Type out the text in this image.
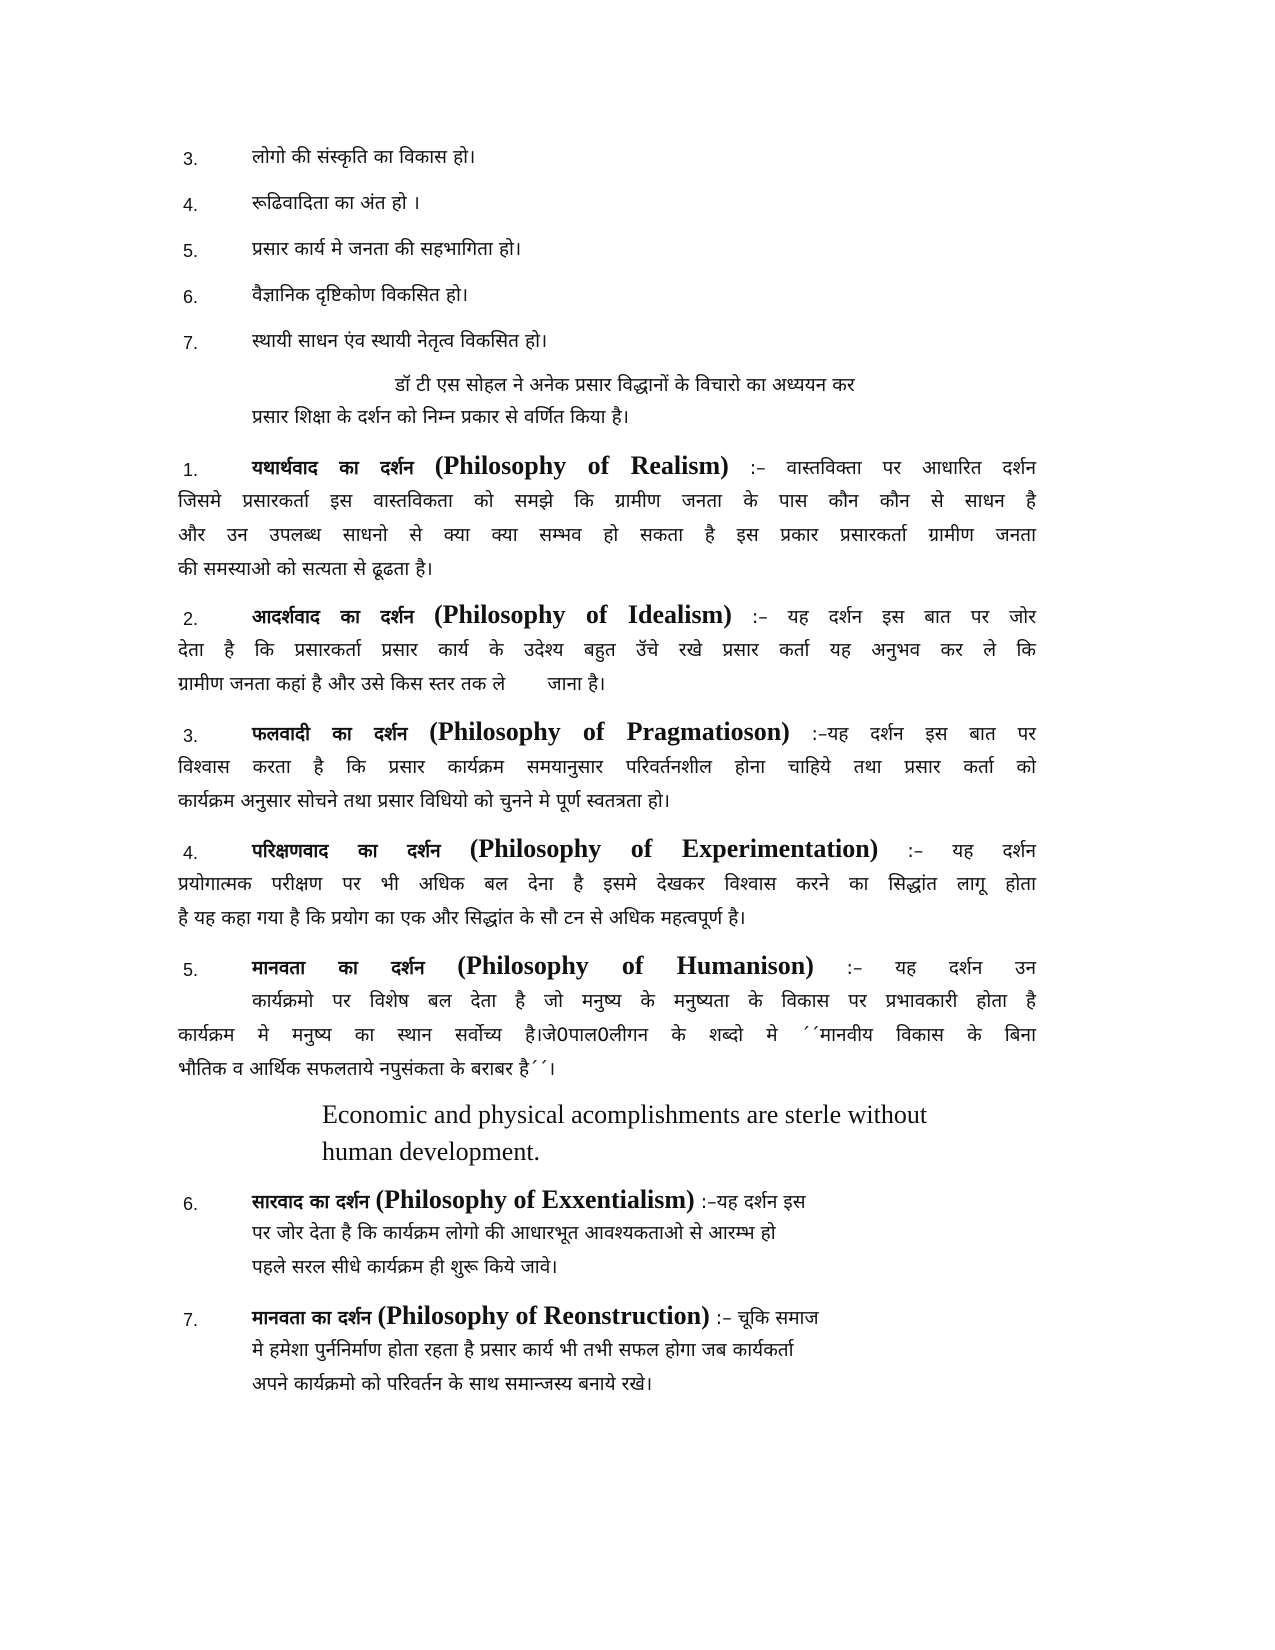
3.	लोगो की संस्कृति का विकास हो।
4.	रूढिवादिता का अंत हो ।
5.	प्रसार कार्य मे जनता की सहभागिता हो।
6.	वैज्ञानिक दृष्टिकोण विकसित हो।
7.	स्थायी साधन एंव स्थायी नेतृत्व विकसित हो।
डॉ टी एस सोहल ने अनेक प्रसार विद्धानों के विचारो का अध्ययन कर
प्रसार शिक्षा के दर्शन को निम्न प्रकार से वर्णित किया है।
1.	यथार्थवाद का दर्शन (Philosophy of Realism) :– वास्तविक्ता पर आधारित दर्शन
जिसमे प्रसारकर्ता इस वास्तविकता को समझे कि ग्रामीण जनता के पास कौन कौन से साधन है
और उन उपलब्ध साधनो से क्या क्या सम्भव हो सकता है इस प्रकार प्रसारकर्ता ग्रामीण जनता
की समस्याओ को सत्यता से ढूढता है।
2.	आदर्शवाद का दर्शन (Philosophy of Idealism) :– यह दर्शन इस बात पर जोर
देता है कि प्रसारकर्ता प्रसार कार्य के उदेश्य बहुत उॅचे रखे प्रसार कर्ता यह अनुभव कर ले कि
ग्रामीण जनता कहां है और उसे किस स्तर तक ले       जाना है।
3.	फलवादी का दर्शन (Philosophy of Pragmatioson) :–यह दर्शन इस बात पर
विश्वास करता है कि प्रसार कार्यक्रम समयानुसार परिवर्तनशील होना चाहिये तथा प्रसार कर्ता को
कार्यक्रम अनुसार सोचने तथा प्रसार विधियो को चुनने मे पूर्ण स्वतत्रता हो।
4.	परिक्षणवाद का दर्शन (Philosophy of Experimentation) :– यह दर्शन
प्रयोगात्मक परीक्षण पर भी अधिक बल देना है इसमे देखकर विश्वास करने का सिद्धांत लागू होता
है यह कहा गया है कि प्रयोग का एक और सिद्धांत के सौ टन से अधिक महत्वपूर्ण है।
5.	मानवता का दर्शन (Philosophy of Humanison) :– यह दर्शन उन
कार्यक्रमो पर विशेष बल देता है जो मनुष्य के मनुष्यता के विकास पर प्रभावकारी होता है
कार्यक्रम मे मनुष्य का स्थान सर्वोच्य है।जे0पाल0लीगन के शब्दो मे ´´मानवीय विकास के बिना
भौतिक व आर्थिक सफलताये नपुसंकता के बराबर है´´।
Economic and physical acomplishments are sterle without
human development.
6.	सारवाद का दर्शन (Philosophy of Exxentialism) :–यह दर्शन इस
पर जोर देता है कि कार्यक्रम लोगो की आधारभूत आवश्यकताओ से आरम्भ हो
पहले सरल सीधे कार्यक्रम ही शुरू किये जावे।
7.	मानवता का दर्शन (Philosophy of Reonstruction) :– चूकि समाज
मे हमेशा पुर्ननिर्माण होता रहता है प्रसार कार्य भी तभी सफल होगा जब कार्यकर्ता
अपने कार्यक्रमो को परिवर्तन के साथ समान्जस्य बनाये रखे।
